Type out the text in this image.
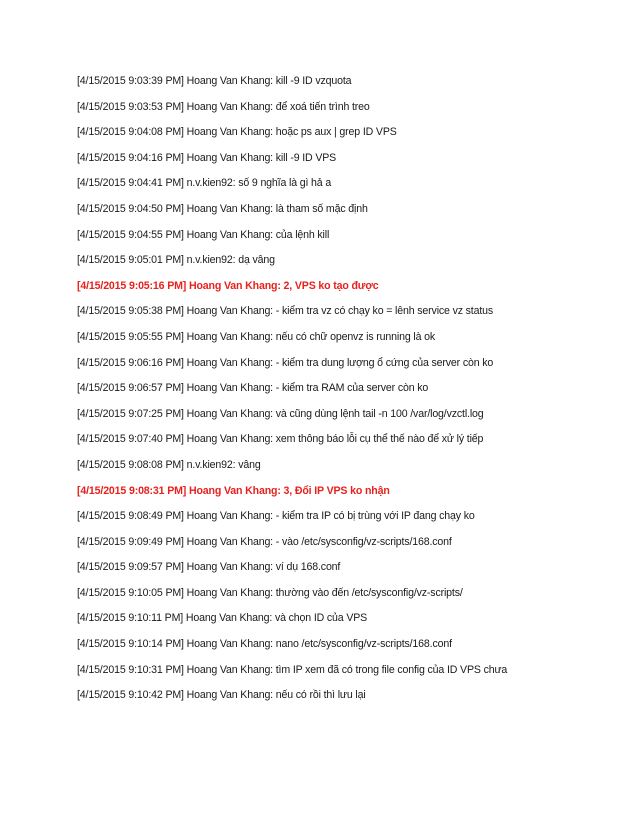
[4/15/2015 9:03:39 PM] Hoang Van Khang: kill -9 ID vzquota
[4/15/2015 9:03:53 PM] Hoang Van Khang: để xoá tiến trình treo
[4/15/2015 9:04:08 PM] Hoang Van Khang: hoặc ps aux | grep ID VPS
[4/15/2015 9:04:16 PM] Hoang Van Khang: kill -9 ID VPS
[4/15/2015 9:04:41 PM] n.v.kien92: số 9 nghĩa là gì hả a
[4/15/2015 9:04:50 PM] Hoang Van Khang: là tham số mặc định
[4/15/2015 9:04:55 PM] Hoang Van Khang: của lệnh kill
[4/15/2015 9:05:01 PM] n.v.kien92: dạ vâng
[4/15/2015 9:05:16 PM] Hoang Van Khang: 2, VPS ko tạo được
[4/15/2015 9:05:38 PM] Hoang Van Khang: - kiểm tra vz có chạy ko = lênh service vz status
[4/15/2015 9:05:55 PM] Hoang Van Khang: nếu có chữ openvz is running là ok
[4/15/2015 9:06:16 PM] Hoang Van Khang: - kiểm tra dung lượng ổ cứng của server còn ko
[4/15/2015 9:06:57 PM] Hoang Van Khang: - kiểm tra RAM của server còn ko
[4/15/2015 9:07:25 PM] Hoang Van Khang: và cũng dùng lệnh tail -n 100 /var/log/vzctl.log
[4/15/2015 9:07:40 PM] Hoang Van Khang: xem thông báo lỗi cụ thể thế nào để xử lý tiếp
[4/15/2015 9:08:08 PM] n.v.kien92: vâng
[4/15/2015 9:08:31 PM] Hoang Van Khang: 3, Đổi IP VPS ko nhận
[4/15/2015 9:08:49 PM] Hoang Van Khang: - kiểm tra IP có bị trùng với IP đang chạy ko
[4/15/2015 9:09:49 PM] Hoang Van Khang: - vào /etc/sysconfig/vz-scripts/168.conf
[4/15/2015 9:09:57 PM] Hoang Van Khang: ví dụ 168.conf
[4/15/2015 9:10:05 PM] Hoang Van Khang: thường vào đến /etc/sysconfig/vz-scripts/
[4/15/2015 9:10:11 PM] Hoang Van Khang: và chọn ID của VPS
[4/15/2015 9:10:14 PM] Hoang Van Khang: nano /etc/sysconfig/vz-scripts/168.conf
[4/15/2015 9:10:31 PM] Hoang Van Khang: tìm IP xem đã có trong file config của ID VPS chưa
[4/15/2015 9:10:42 PM] Hoang Van Khang: nếu có rồi thì lưu lại
